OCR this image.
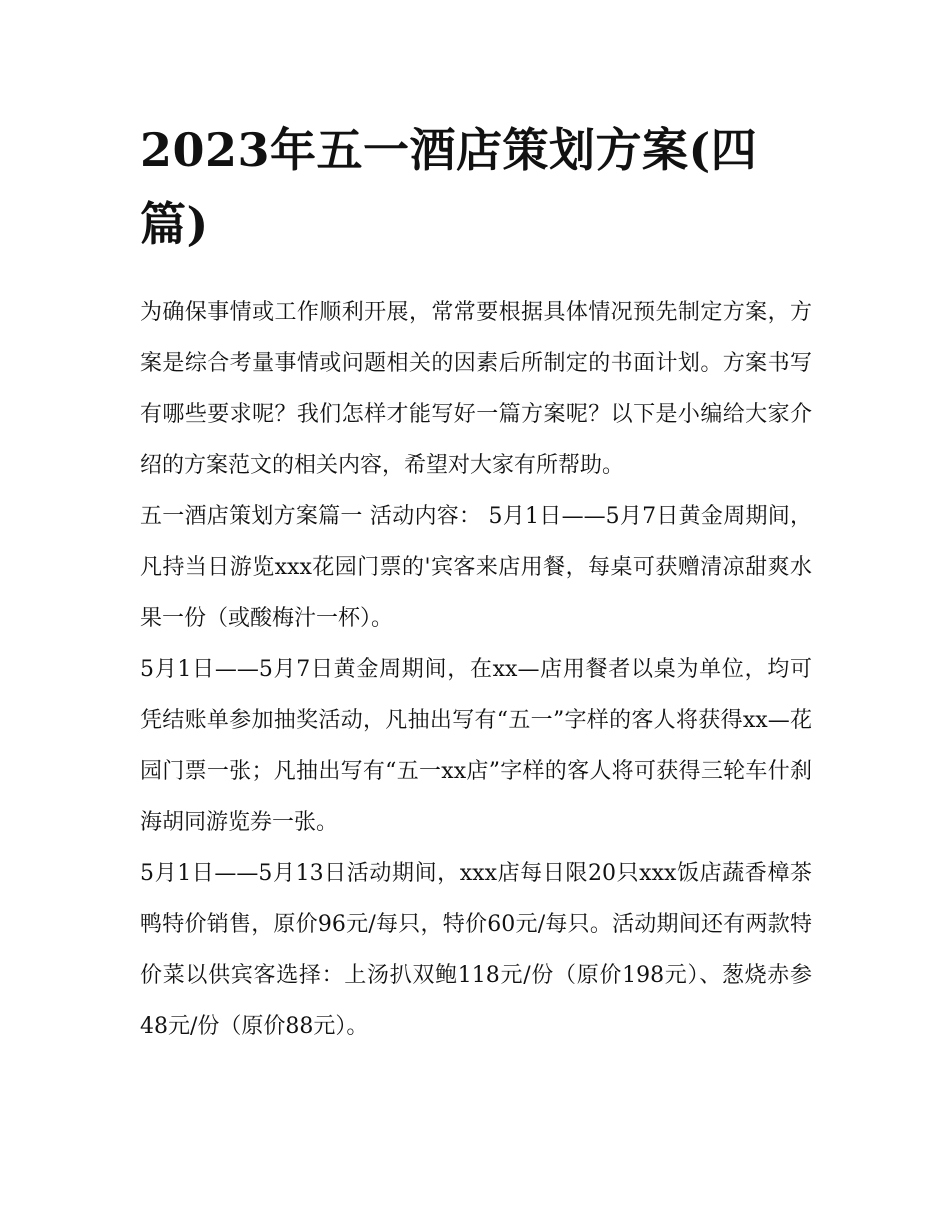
2023年五一酒店策划方案(四篇)

为确保事情或工作顺利开展，常常要根据具体情况预先制定方案，方案是综合考量事情或问题相关的因素后所制定的书面计划。方案书写有哪些要求呢？我们怎样才能写好一篇方案呢？以下是小编给大家介绍的方案范文的相关内容，希望对大家有所帮助。

五一酒店策划方案篇一 活动内容： 5月1日——5月7日黄金周期间，凡持当日游览xxx花园门票的'宾客来店用餐，每桌可获赠清凉甜爽水果一份（或酸梅汁一杯）。

5月1日——5月7日黄金周期间，在xx—店用餐者以桌为单位，均可凭结账单参加抽奖活动，凡抽出写有“五一”字样的客人将获得xx—花园门票一张；凡抽出写有“五一xx店”字样的客人将可获得三轮车什刹海胡同游览券一张。

5月1日——5月13日活动期间，xxx店每日限20只xxx饭店蔬香樟茶鸭特价销售，原价96元/每只，特价60元/每只。活动期间还有两款特价菜以供宾客选择：上汤扒双鲍118元/份（原价198元）、葱烧赤参48元/份（原价88元）。
